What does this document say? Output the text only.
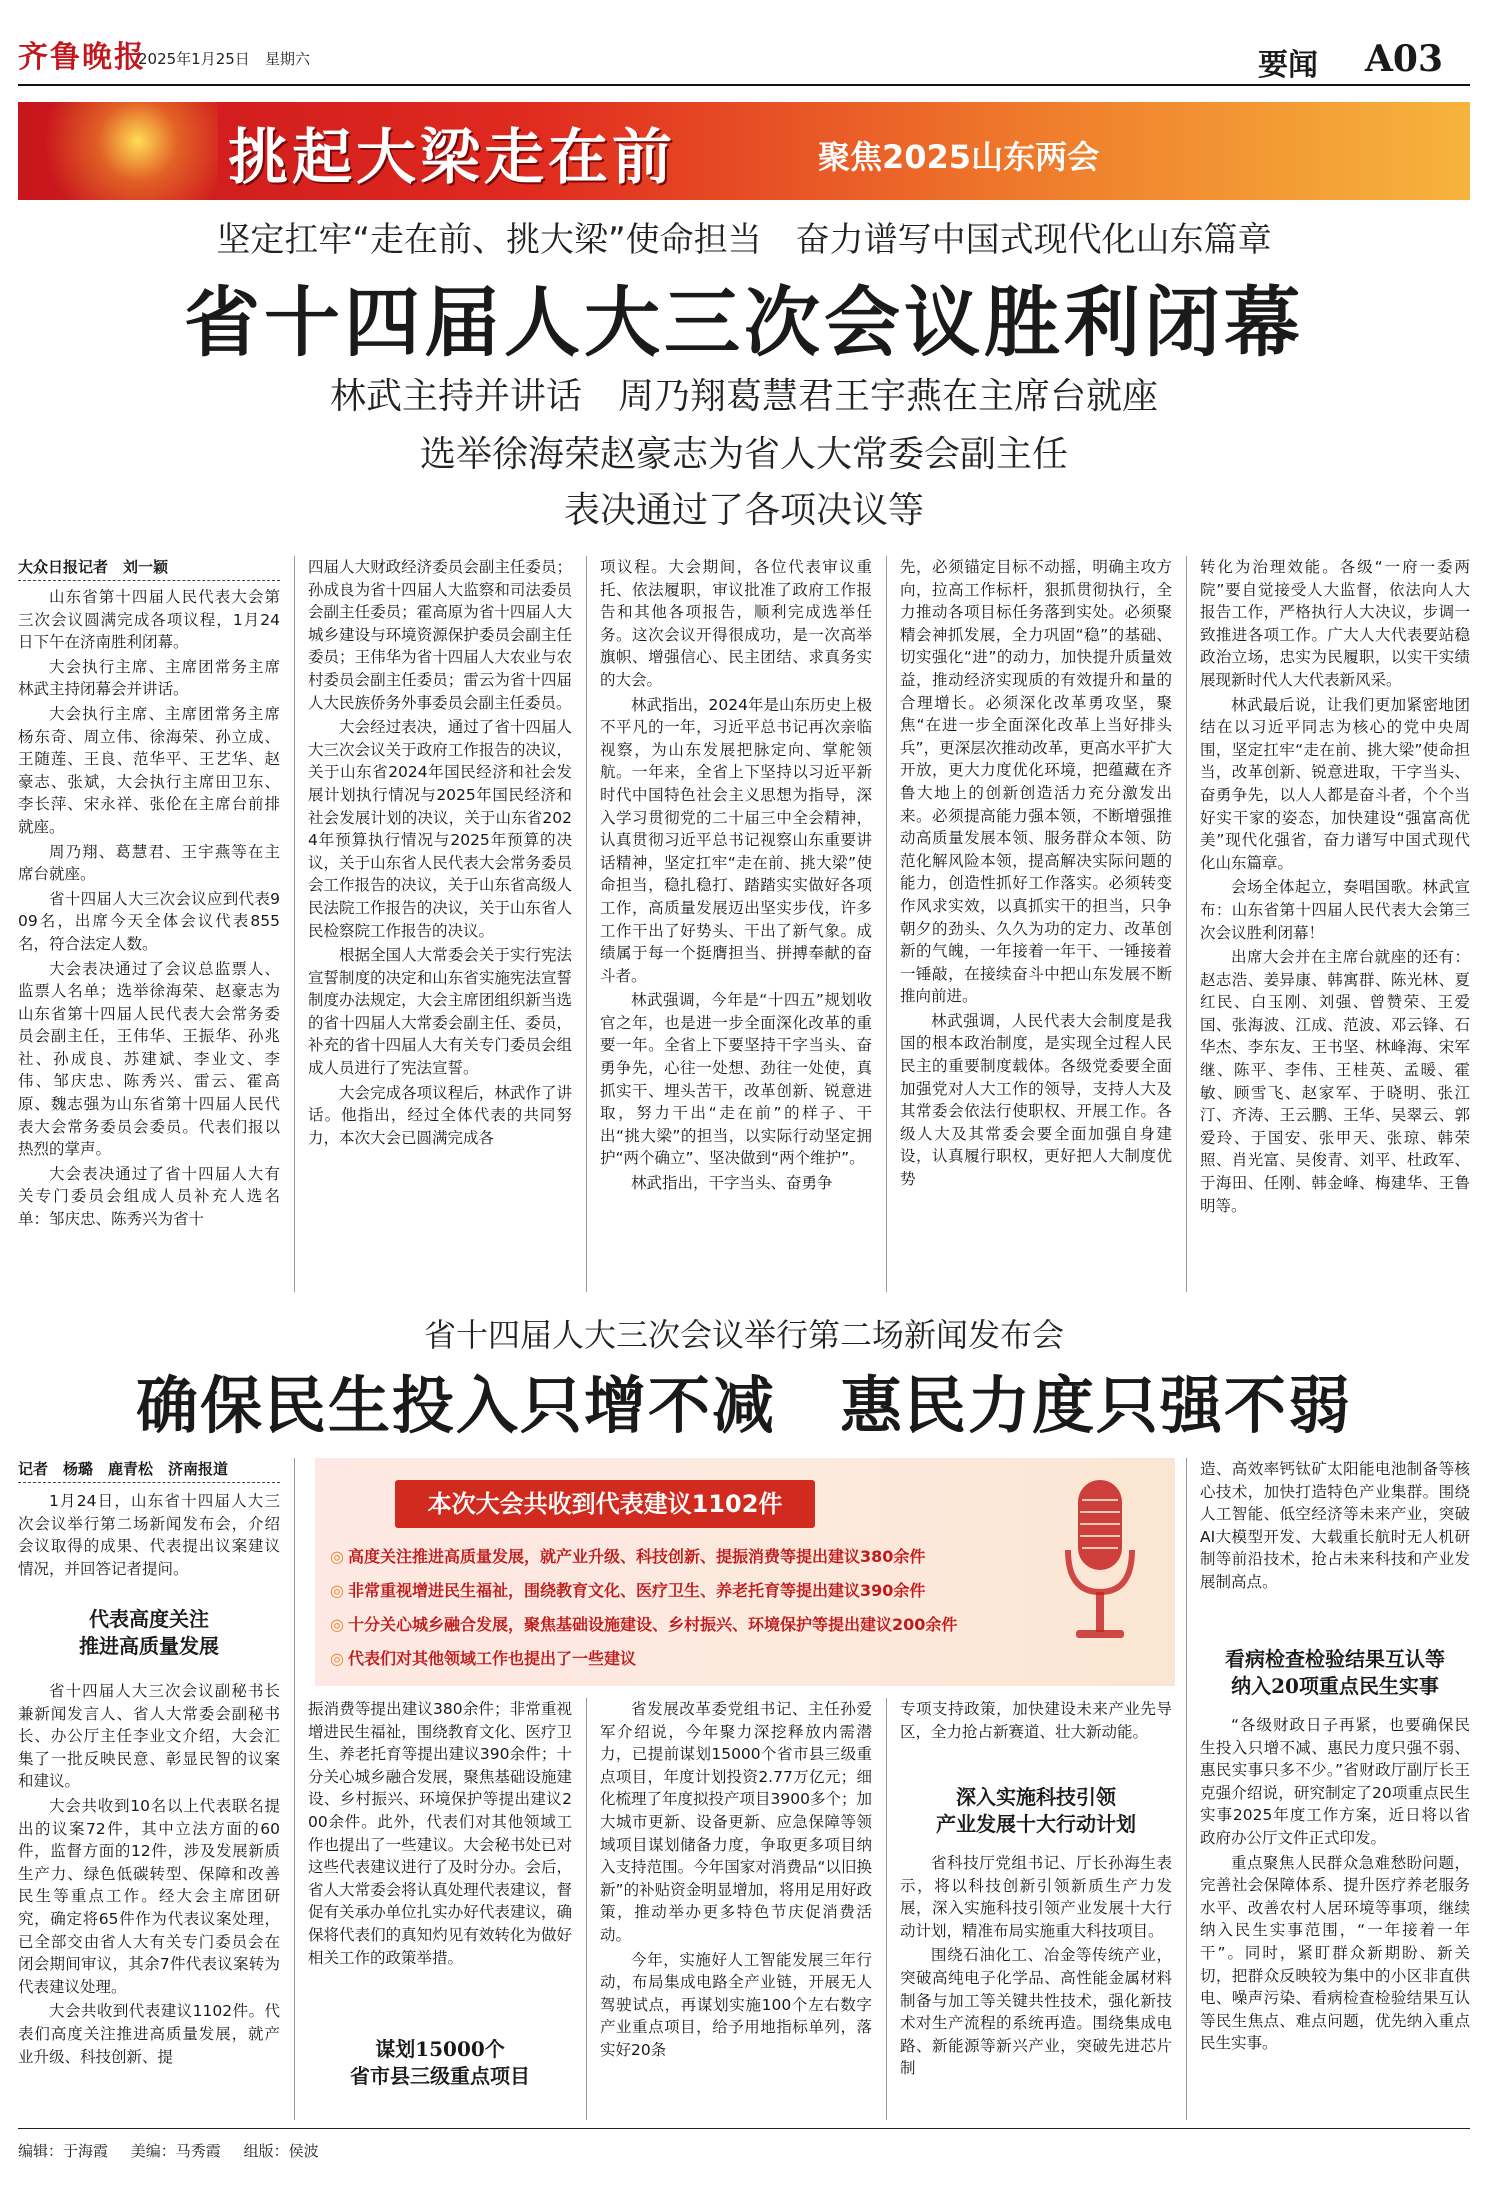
齐鲁晚报
2025年1月25日 星期六	要闻 A03
挑起大梁走在前	聚焦2025山东两会
坚定扛牢“走在前、挑大梁”使命担当　奋力谱写中国式现代化山东篇章
省十四届人大三次会议胜利闭幕
林武主持并讲话　周乃翔葛慧君王宇燕在主席台就座
选举徐海荣赵豪志为省人大常委会副主任
表决通过了各项决议等
大众日报记者　刘一颖

山东省第十四届人民代表大会第三次会议圆满完成各项议程，1月24日下午在济南胜利闭幕。

大会执行主席、主席团常务主席林武主持闭幕会并讲话。

大会执行主席、主席团常务主席杨东奇、周立伟、徐海荣、孙立成、王随莲、王良、范华平、王艺华、赵豪志、张斌，大会执行主席田卫东、李长萍、宋永祥、张伦在主席台前排就座。

周乃翔、葛慧君、王宇燕等在主席台就座。

省十四届人大三次会议应到代表909名，出席今天全体会议代表855名，符合法定人数。

大会表决通过了会议总监票人、监票人名单；选举徐海荣、赵豪志为山东省第十四届人民代表大会常务委员会副主任，王伟华、王振华、孙兆社、孙成良、苏建斌、李业文、李伟、邹庆忠、陈秀兴、雷云、霍高原、魏志强为山东省第十四届人民代表大会常务委员会委员。代表们报以热烈的掌声。

大会表决通过了省十四届人大有关专门委员会组成人员补充人选名单：邹庆忠、陈秀兴为省十

四届人大财政经济委员会副主任委员；孙成良为省十四届人大监察和司法委员会副主任委员；霍高原为省十四届人大城乡建设与环境资源保护委员会副主任委员；王伟华为省十四届人大农业与农村委员会副主任委员；雷云为省十四届人大民族侨务外事委员会副主任委员。

大会经过表决，通过了省十四届人大三次会议关于政府工作报告的决议，关于山东省2024年国民经济和社会发展计划执行情况与2025年国民经济和社会发展计划的决议，关于山东省2024年预算执行情况与2025年预算的决议，关于山东省人民代表大会常务委员会工作报告的决议，关于山东省高级人民法院工作报告的决议，关于山东省人民检察院工作报告的决议。

根据全国人大常委会关于实行宪法宣誓制度的决定和山东省实施宪法宣誓制度办法规定，大会主席团组织新当选的省十四届人大常委会副主任、委员，补充的省十四届人大有关专门委员会组成人员进行了宪法宣誓。

大会完成各项议程后，林武作了讲话。他指出，经过全体代表的共同努力，本次大会已圆满完成各

项议程。大会期间，各位代表审议重托、依法履职，审议批准了政府工作报告和其他各项报告，顺利完成选举任务。这次会议开得很成功，是一次高举旗帜、增强信心、民主团结、求真务实的大会。

林武指出，2024年是山东历史上极不平凡的一年，习近平总书记再次亲临视察，为山东发展把脉定向、掌舵领航。一年来，全省上下坚持以习近平新时代中国特色社会主义思想为指导，深入学习贯彻党的二十届三中全会精神，认真贯彻习近平总书记视察山东重要讲话精神，坚定扛牢“走在前、挑大梁”使命担当，稳扎稳打、踏踏实实做好各项工作，高质量发展迈出坚实步伐，许多工作干出了好势头、干出了新气象。成绩属于每一个挺膺担当、拼搏奉献的奋斗者。

林武强调，今年是“十四五”规划收官之年，也是进一步全面深化改革的重要一年。全省上下要坚持干字当头、奋勇争先，心往一处想、劲往一处使，真抓实干、埋头苦干，改革创新、锐意进取，努力干出“走在前”的样子、干出“挑大梁”的担当，以实际行动坚定拥护“两个确立”、坚决做到“两个维护”。

林武指出，干字当头、奋勇争

先，必须锚定目标不动摇，明确主攻方向，拉高工作标杆，狠抓贯彻执行，全力推动各项目标任务落到实处。必须聚精会神抓发展，全力巩固“稳”的基础、切实强化“进”的动力，加快提升质量效益，推动经济实现质的有效提升和量的合理增长。必须深化改革勇攻坚，聚焦“在进一步全面深化改革上当好排头兵”，更深层次推动改革，更高水平扩大开放，更大力度优化环境，把蕴藏在齐鲁大地上的创新创造活力充分激发出来。必须提高能力强本领，不断增强推动高质量发展本领、服务群众本领、防范化解风险本领，提高解决实际问题的能力，创造性抓好工作落实。必须转变作风求实效，以真抓实干的担当，只争朝夕的劲头、久久为功的定力、改革创新的气魄，一年接着一年干、一锤接着一锤敲，在接续奋斗中把山东发展不断推向前进。

林武强调，人民代表大会制度是我国的根本政治制度，是实现全过程人民民主的重要制度载体。各级党委要全面加强党对人大工作的领导，支持人大及其常委会依法行使职权、开展工作。各级人大及其常委会要全面加强自身建设，认真履行职权，更好把人大制度优势

转化为治理效能。各级“一府一委两院”要自觉接受人大监督，依法向人大报告工作，严格执行人大决议，步调一致推进各项工作。广大人大代表要站稳政治立场，忠实为民履职，以实干实绩展现新时代人大代表新风采。

林武最后说，让我们更加紧密地团结在以习近平同志为核心的党中央周围，坚定扛牢“走在前、挑大梁”使命担当，改革创新、锐意进取，干字当头、奋勇争先，以人人都是奋斗者，个个当好实干家的姿态，加快建设“强富高优美”现代化强省，奋力谱写中国式现代化山东篇章。

会场全体起立，奏唱国歌。林武宣布：山东省第十四届人民代表大会第三次会议胜利闭幕！

出席大会并在主席台就座的还有：赵志浩、姜异康、韩寓群、陈光林、夏红民、白玉刚、刘强、曾赞荣、王爱国、张海波、江成、范波、邓云锋、石华杰、李东友、王书坚、林峰海、宋军继、陈平、李伟、王桂英、孟暖、霍敏、顾雪飞、赵家军、于晓明、张江汀、齐涛、王云鹏、王华、吴翠云、郭爱玲、于国安、张甲天、张琼、韩荣照、肖光富、吴俊青、刘平、杜政军、于海田、任刚、韩金峰、梅建华、王鲁明等。

省十四届人大三次会议举行第二场新闻发布会
确保民生投入只增不减　惠民力度只强不弱
记者　杨璐　鹿青松　济南报道

1月24日，山东省十四届人大三次会议举行第二场新闻发布会，介绍会议取得的成果、代表提出议案建议情况，并回答记者提问。

代表高度关注
推进高质量发展

省十四届人大三次会议副秘书长兼新闻发言人、省人大常委会副秘书长、办公厅主任李业文介绍，大会汇集了一批反映民意、彰显民智的议案和建议。

大会共收到10名以上代表联名提出的议案72件，其中立法方面的60件，监督方面的12件，涉及发展新质生产力、绿色低碳转型、保障和改善民生等重点工作。经大会主席团研究，确定将65件作为代表议案处理，已全部交由省人大有关专门委员会在闭会期间审议，其余7件代表议案转为代表建议处理。

大会共收到代表建议1102件。代表们高度关注推进高质量发展，就产业升级、科技创新、提

本次大会共收到代表建议1102件
◎ 高度关注推进高质量发展，就产业升级、科技创新、提振消费等提出建议380余件
◎ 非常重视增进民生福祉，围绕教育文化、医疗卫生、养老托育等提出建议390余件
◎ 十分关心城乡融合发展，聚焦基础设施建设、乡村振兴、环境保护等提出建议200余件
◎ 代表们对其他领域工作也提出了一些建议

振消费等提出建议380余件；非常重视增进民生福祉，围绕教育文化、医疗卫生、养老托育等提出建议390余件；十分关心城乡融合发展，聚焦基础设施建设、乡村振兴、环境保护等提出建议200余件。此外，代表们对其他领域工作也提出了一些建议。大会秘书处已对这些代表建议进行了及时分办。会后，省人大常委会将认真处理代表建议，督促有关承办单位扎实办好代表建议，确保将代表们的真知灼见有效转化为做好相关工作的政策举措。

谋划15000个
省市县三级重点项目

省发展改革委党组书记、主任孙爱军介绍说，今年聚力深挖释放内需潜力，已提前谋划15000个省市县三级重点项目，年度计划投资2.77万亿元；细化梳理了年度拟投产项目3900多个；加大城市更新、设备更新、应急保障等领域项目谋划储备力度，争取更多项目纳入支持范围。今年国家对消费品“以旧换新”的补贴资金明显增加，将用足用好政策，推动举办更多特色节庆促消费活动。

今年，实施好人工智能发展三年行动，布局集成电路全产业链，开展无人驾驶试点，再谋划实施100个左右数字产业重点项目，给予用地指标单列，落实好20条

专项支持政策，加快建设未来产业先导区，全力抢占新赛道、壮大新动能。

深入实施科技引领
产业发展十大行动计划

省科技厅党组书记、厅长孙海生表示，将以科技创新引领新质生产力发展，深入实施科技引领产业发展十大行动计划，精准布局实施重大科技项目。

围绕石油化工、冶金等传统产业，突破高纯电子化学品、高性能金属材料制备与加工等关键共性技术，强化新技术对生产流程的系统再造。围绕集成电路、新能源等新兴产业，突破先进芯片制

造、高效率钙钛矿太阳能电池制备等核心技术，加快打造特色产业集群。围绕人工智能、低空经济等未来产业，突破AI大模型开发、大载重长航时无人机研制等前沿技术，抢占未来科技和产业发展制高点。

看病检查检验结果互认等
纳入20项重点民生实事

“各级财政日子再紧，也要确保民生投入只增不减、惠民力度只强不弱、惠民实事只多不少。”省财政厅副厅长王克强介绍说，研究制定了20项重点民生实事2025年度工作方案，近日将以省政府办公厅文件正式印发。

重点聚焦人民群众急难愁盼问题，完善社会保障体系、提升医疗养老服务水平、改善农村人居环境等事项，继续纳入民生实事范围，“一年接着一年干”。同时，紧盯群众新期盼、新关切，把群众反映较为集中的小区非直供电、噪声污染、看病检查检验结果互认等民生焦点、难点问题，优先纳入重点民生实事。

编辑：于海霞 美编：马秀霞 组版：侯波
